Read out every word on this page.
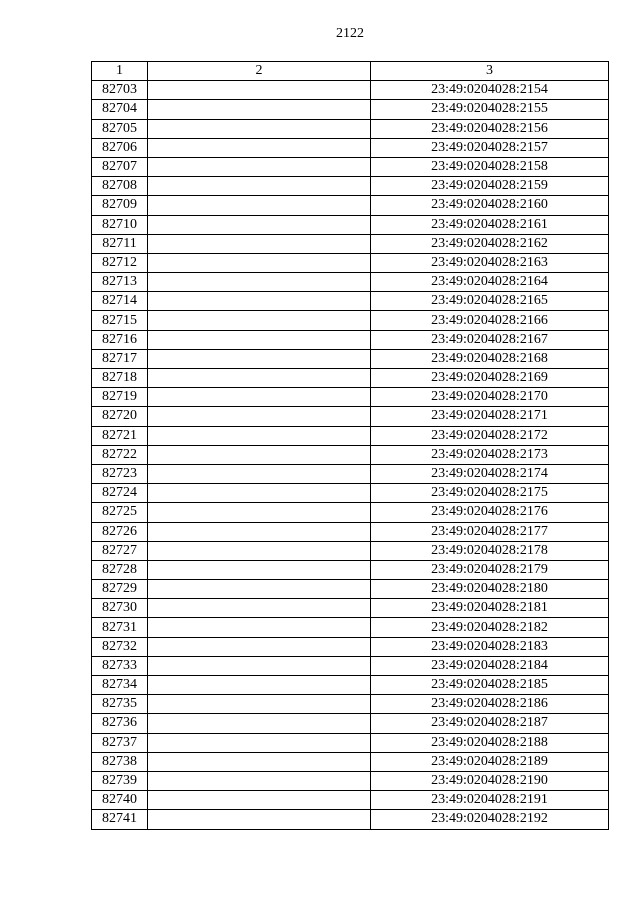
2122
1	2	3
82703		23:49:0204028:2154
82704		23:49:0204028:2155
82705		23:49:0204028:2156
82706		23:49:0204028:2157
82707		23:49:0204028:2158
82708		23:49:0204028:2159
82709		23:49:0204028:2160
82710		23:49:0204028:2161
82711		23:49:0204028:2162
82712		23:49:0204028:2163
82713		23:49:0204028:2164
82714		23:49:0204028:2165
82715		23:49:0204028:2166
82716		23:49:0204028:2167
82717		23:49:0204028:2168
82718		23:49:0204028:2169
82719		23:49:0204028:2170
82720		23:49:0204028:2171
82721		23:49:0204028:2172
82722		23:49:0204028:2173
82723		23:49:0204028:2174
82724		23:49:0204028:2175
82725		23:49:0204028:2176
82726		23:49:0204028:2177
82727		23:49:0204028:2178
82728		23:49:0204028:2179
82729		23:49:0204028:2180
82730		23:49:0204028:2181
82731		23:49:0204028:2182
82732		23:49:0204028:2183
82733		23:49:0204028:2184
82734		23:49:0204028:2185
82735		23:49:0204028:2186
82736		23:49:0204028:2187
82737		23:49:0204028:2188
82738		23:49:0204028:2189
82739		23:49:0204028:2190
82740		23:49:0204028:2191
82741		23:49:0204028:2192
